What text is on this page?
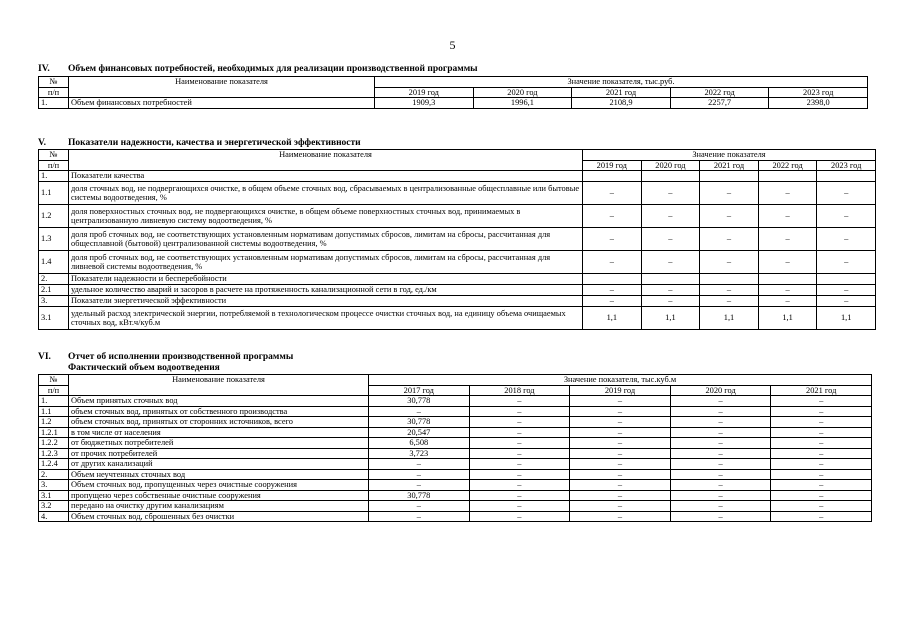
5
IV. Объем финансовых потребностей, необходимых для реализации производственной программы
№	Наименование показателя	Значение показателя, тыс.руб.				
п/п		2019 год	2020 год	2021 год	2022 год	2023 год
1.	Объем финансовых потребностей	1909,3	1996,1	2108,9	2257,7	2398,0
V. Показатели надежности, качества и энергетической эффективности
№	Наименование показателя	Значение показателя				
п/п		2019 год	2020 год	2021 год	2022 год	2023 год
1.	Показатели качества					
1.1	доля сточных вод, не подвергающихся очистке, в общем объеме сточных вод, сбрасываемых в централизованные общесплавные или бытовые системы водоотведения, %	–	–	–	–	–
1.2	доля поверхностных сточных вод, не подвергающихся очистке, в общем объеме поверхностных сточных вод, принимаемых в централизованную ливневую систему водоотведения, %	–	–	–	–	–
1.3	доля проб сточных вод, не соответствующих установленным нормативам допустимых сбросов, лимитам на сбросы, рассчитанная для общесплавной (бытовой) централизованной системы водоотведения, %	–	–	–	–	–
1.4	доля проб сточных вод, не соответствующих установленным нормативам допустимых сбросов, лимитам на сбросы, рассчитанная для ливневой системы водоотведения, %	–	–	–	–	–
2.	Показатели надежности и бесперебойности					
2.1	удельное количество аварий и засоров в расчете на протяженность канализационной сети в год, ед./км	–	–	–	–	–
3.	Показатели энергетической эффективности	–	–	–	–	–
3.1	удельный расход электрической энергии, потребляемой в технологическом процессе очистки сточных вод, на единицу объема очищаемых сточных вод, кВт.ч/куб.м	1,1	1,1	1,1	1,1	1,1
VI. Отчет об исполнении производственной программы
Фактический объем водоотведения
№	Наименование показателя	Значение показателя, тыс.куб.м				
п/п		2017 год	2018 год	2019 год	2020 год	2021 год
1.	Объем принятых сточных вод	30,778	–	–	–	–
1.1	объем сточных вод, принятых от собственного производства	–	–	–	–	–
1.2	объем сточных вод, принятых от сторонних источников, всего	30,778	–	–	–	–
1.2.1	в том числе от населения	20,547	–	–	–	–
1.2.2	от бюджетных потребителей	6,508	–	–	–	–
1.2.3	от прочих потребителей	3,723	–	–	–	–
1.2.4	от других канализаций	–	–	–	–	–
2.	Объем неучтенных сточных вод	–	–	–	–	–
3.	Объем сточных вод, пропущенных через очистные сооружения	–	–	–	–	–
3.1	пропущено через собственные очистные сооружения	30,778	–	–	–	–
3.2	передано на очистку другим канализациям	–	–	–	–	–
4.	Объем сточных вод, сброшенных без очистки	–	–	–	–	–
